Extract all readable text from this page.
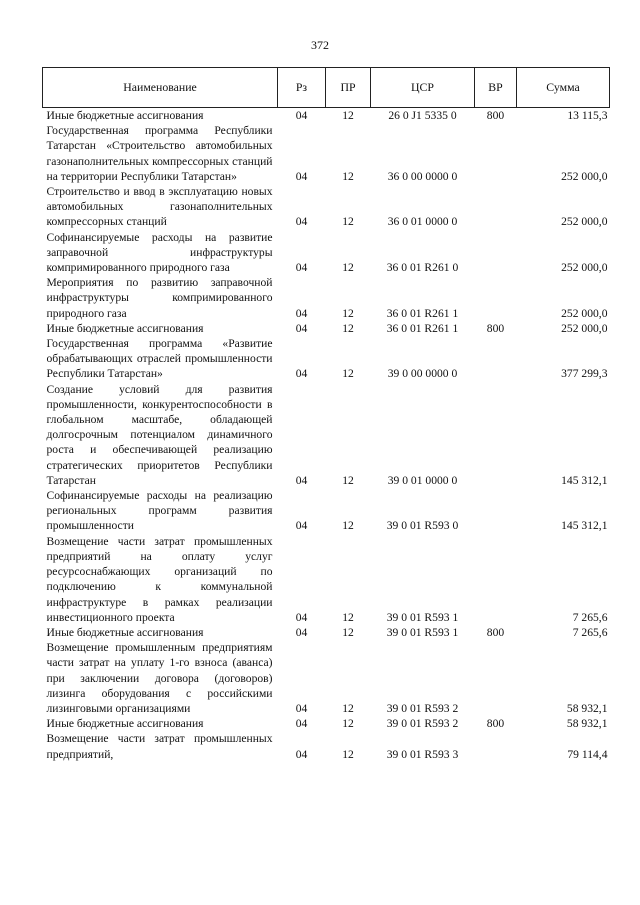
372
Наименование	Рз	ПР	ЦСР	ВР	Сумма
Иные бюджетные ассигнования	04	12	26 0 J1 5335 0	800	13 115,3
Государственная программа Республики Татарстан «Строительство автомобильных газонаполнительных компрессорных станций на территории Республики Татарстан»	04	12	36 0 00 0000 0		252 000,0
Строительство и ввод в эксплуатацию новых автомобильных газонаполнительных компрессорных станций	04	12	36 0 01 0000 0		252 000,0
Софинансируемые расходы на развитие заправочной инфраструктуры компримированного природного газа	04	12	36 0 01 R261 0		252 000,0
Мероприятия по развитию заправочной инфраструктуры компримированного природного газа	04	12	36 0 01 R261 1		252 000,0
Иные бюджетные ассигнования	04	12	36 0 01 R261 1	800	252 000,0
Государственная программа «Развитие обрабатывающих отраслей промышленности Республики Татарстан»	04	12	39 0 00 0000 0		377 299,3
Создание условий для развития промышленности, конкурентоспособности в глобальном масштабе, обладающей долгосрочным потенциалом динамичного роста и обеспечивающей реализацию стратегических приоритетов Республики Татарстан	04	12	39 0 01 0000 0		145 312,1
Софинансируемые расходы на реализацию региональных программ развития промышленности	04	12	39 0 01 R593 0		145 312,1
Возмещение части затрат промышленных предприятий на оплату услуг ресурсоснабжающих организаций по подключению к коммунальной инфраструктуре в рамках реализации инвестиционного проекта	04	12	39 0 01 R593 1		7 265,6
Иные бюджетные ассигнования	04	12	39 0 01 R593 1	800	7 265,6
Возмещение промышленным предприятиям части затрат на уплату 1-го взноса (аванса) при заключении договора (договоров) лизинга оборудования с российскими лизинговыми организациями	04	12	39 0 01 R593 2		58 932,1
Иные бюджетные ассигнования	04	12	39 0 01 R593 2	800	58 932,1
Возмещение части затрат промышленных предприятий,	04	12	39 0 01 R593 3		79 114,4
